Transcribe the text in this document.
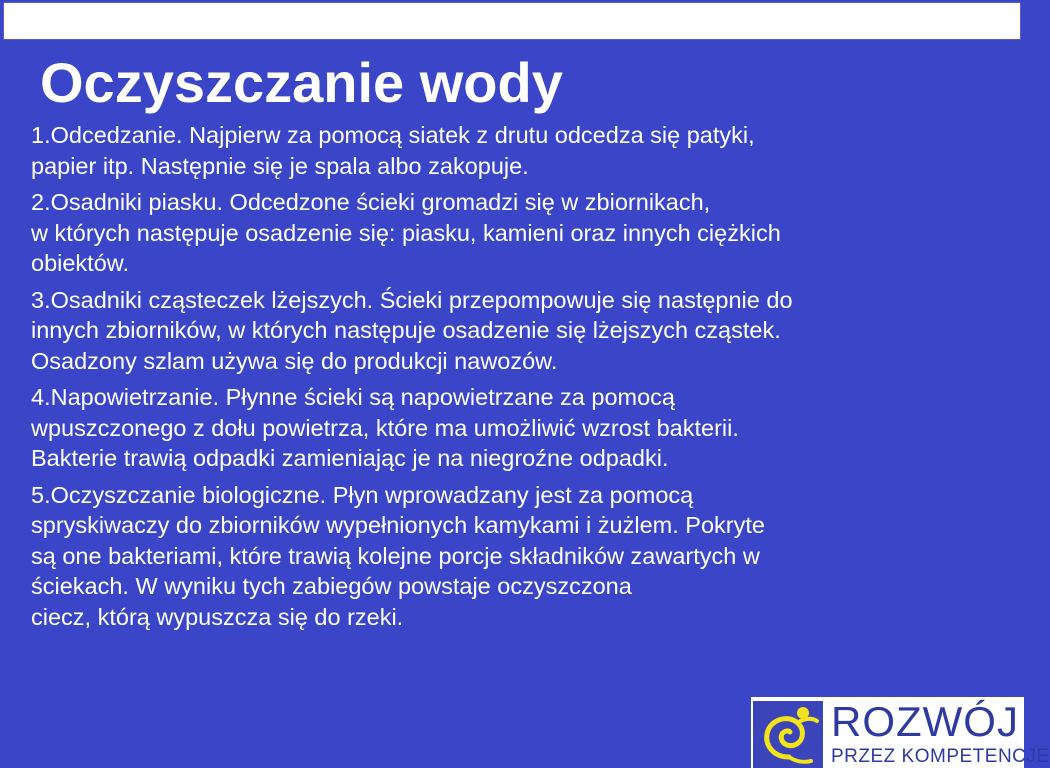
Oczyszczanie wody

1.Odcedzanie. Najpierw za pomocą siatek z drutu odcedza się patyki,
papier itp. Następnie się je spala albo zakopuje.

2.Osadniki piasku. Odcedzone ścieki gromadzi się w zbiornikach,
w których następuje osadzenie się: piasku, kamieni oraz innych ciężkich
obiektów.

3.Osadniki cząsteczek lżejszych. Ścieki przepompowuje się następnie do
innych zbiorników, w których następuje osadzenie się lżejszych cząstek.
Osadzony szlam używa się do produkcji nawozów.

4.Napowietrzanie. Płynne ścieki są napowietrzane za pomocą
wpuszczonego z dołu powietrza, które ma umożliwić wzrost bakterii.
Bakterie trawią odpadki zamieniając je na niegroźne odpadki.

5.Oczyszczanie biologiczne. Płyn wprowadzany jest za pomocą
spryskiwaczy do zbiorników wypełnionych kamykami i żużlem. Pokryte
są one bakteriami, które trawią kolejne porcje składników zawartych w
ściekach. W wyniku tych zabiegów powstaje oczyszczona
ciecz, którą wypuszcza się do rzeki.

ROZWÓJ
PRZEZ KOMPETENCJE
